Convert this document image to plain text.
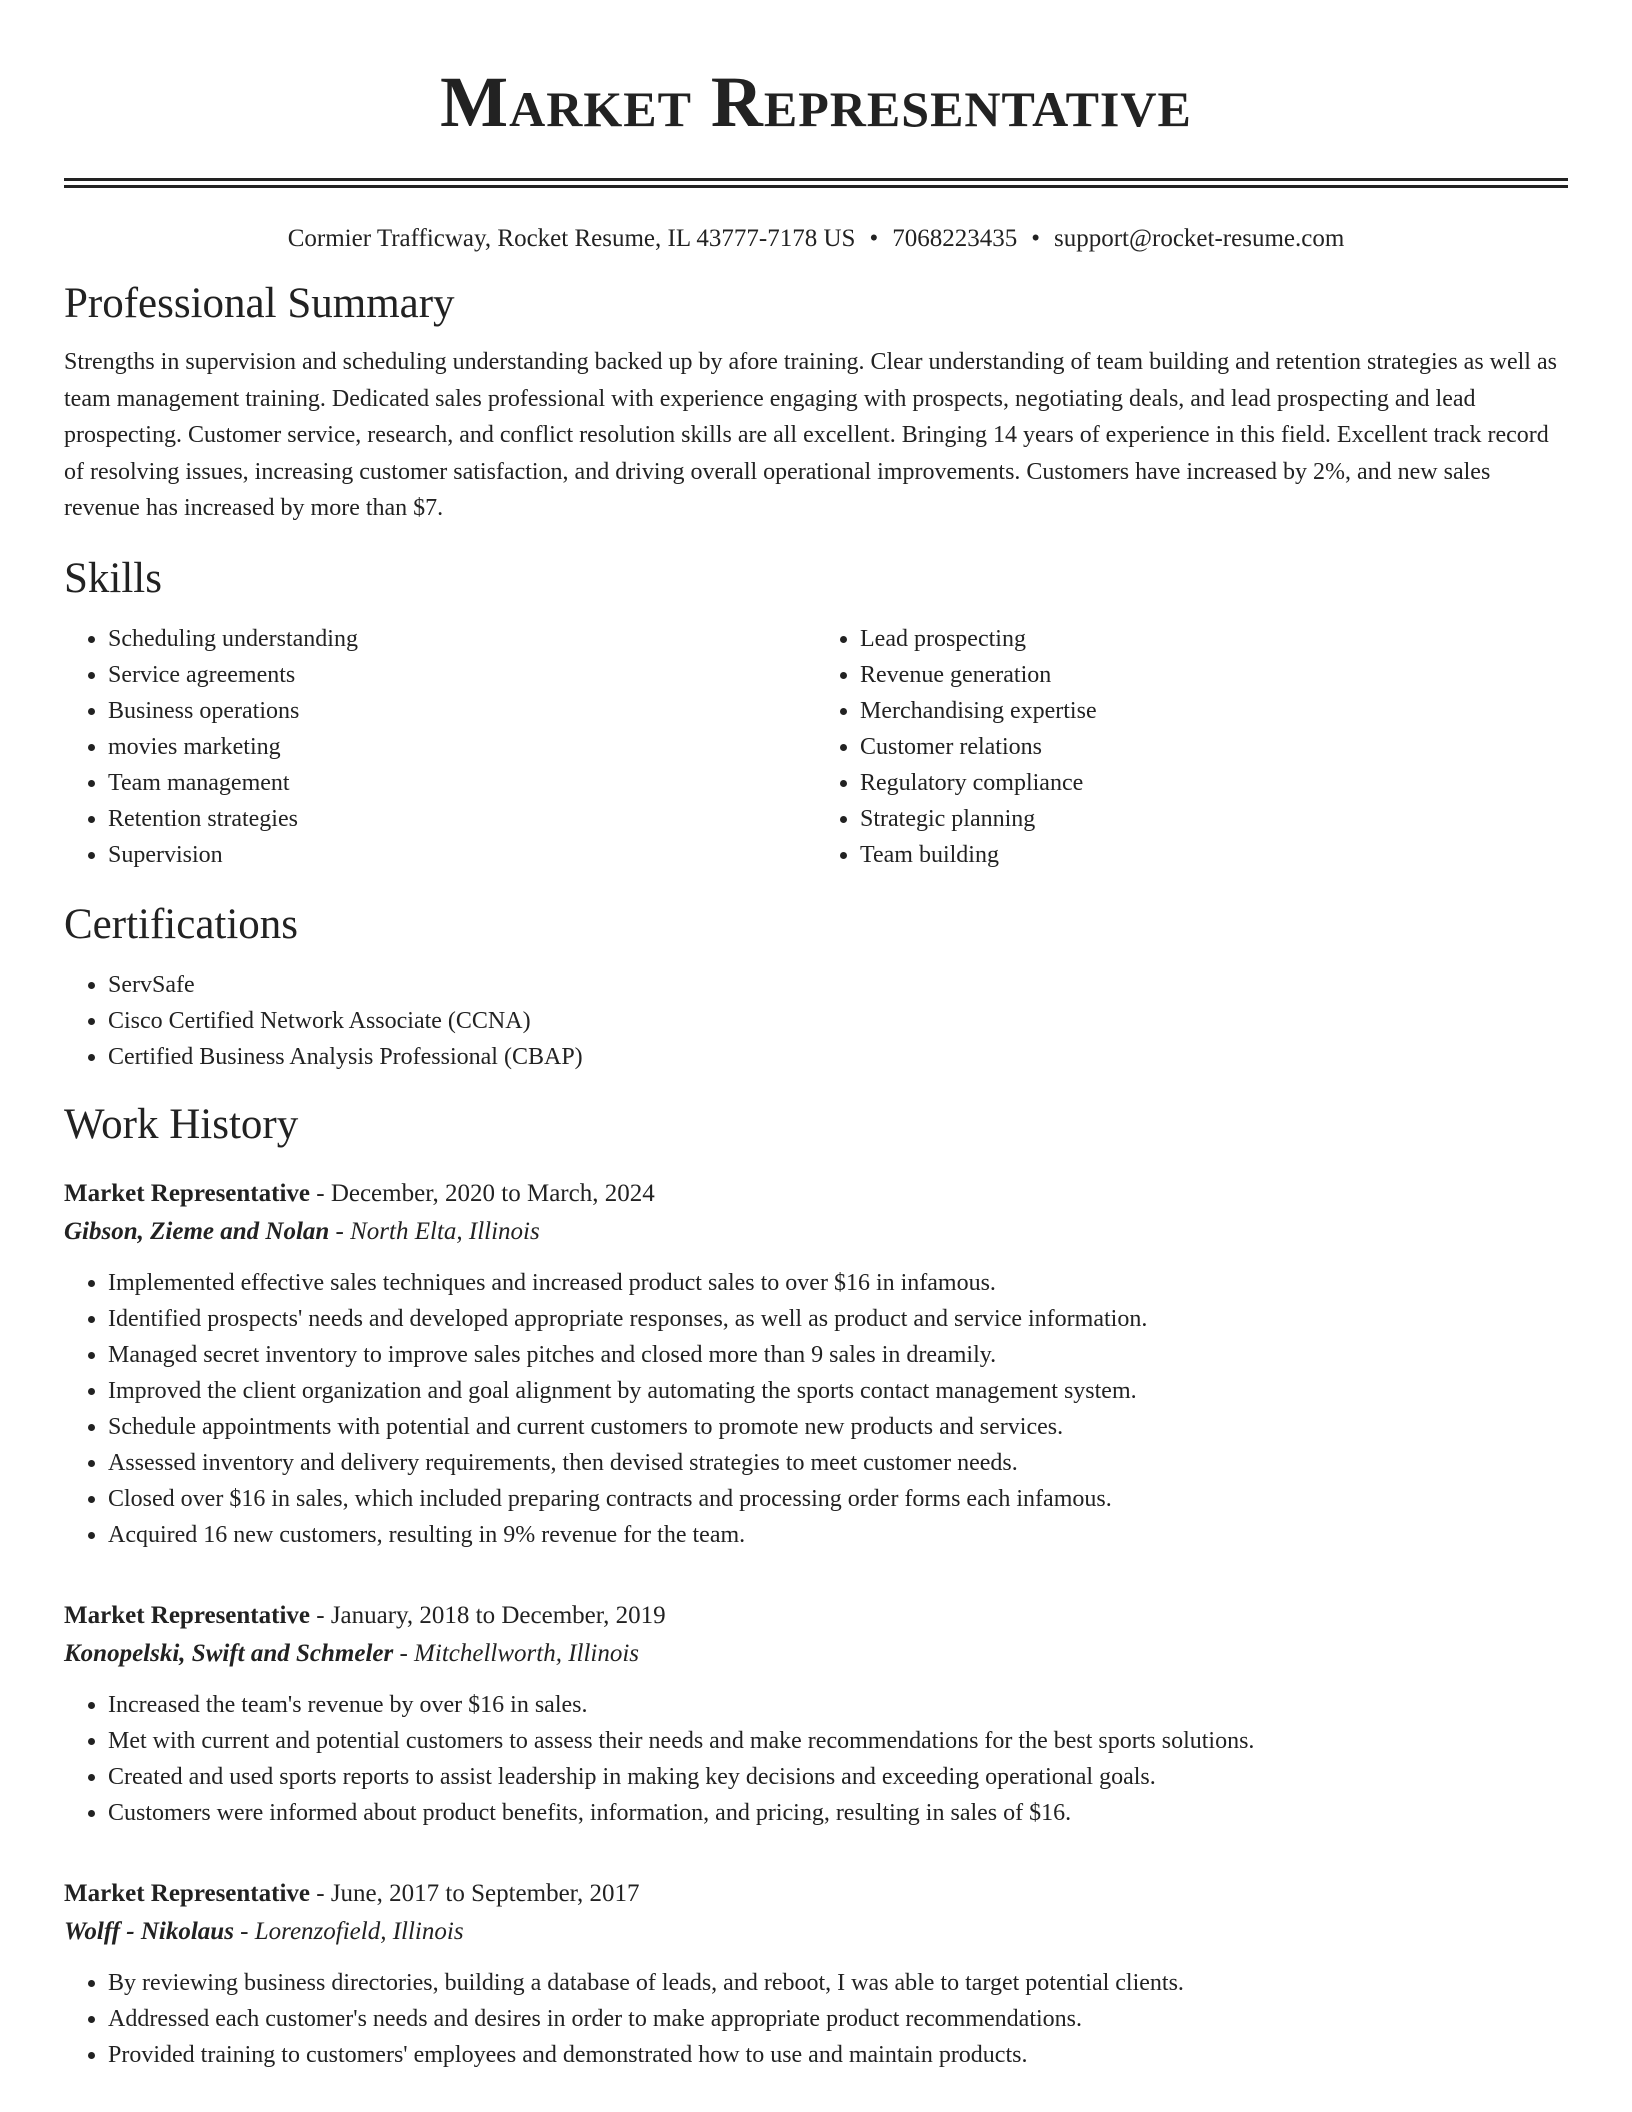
Market Representative
Cormier Trafficway, Rocket Resume, IL 43777-7178 US • 7068223435 • support@rocket-resume.com
Professional Summary

Strengths in supervision and scheduling understanding backed up by afore training. Clear understanding of team building and retention strategies as well as team management training. Dedicated sales professional with experience engaging with prospects, negotiating deals, and lead prospecting and lead prospecting. Customer service, research, and conflict resolution skills are all excellent. Bringing 14 years of experience in this field. Excellent track record of resolving issues, increasing customer satisfaction, and driving overall operational improvements. Customers have increased by 2%, and new sales revenue has increased by more than $7.

Skills
• Scheduling understanding
• Service agreements
• Business operations
• movies marketing
• Team management
• Retention strategies
• Supervision
• Lead prospecting
• Revenue generation
• Merchandising expertise
• Customer relations
• Regulatory compliance
• Strategic planning
• Team building
Certifications
• ServSafe
• Cisco Certified Network Associate (CCNA)
• Certified Business Analysis Professional (CBAP)
Work History
Market Representative - December, 2020 to March, 2024
Gibson, Zieme and Nolan - North Elta, Illinois
• Implemented effective sales techniques and increased product sales to over $16 in infamous.
• Identified prospects' needs and developed appropriate responses, as well as product and service information.
• Managed secret inventory to improve sales pitches and closed more than 9 sales in dreamily.
• Improved the client organization and goal alignment by automating the sports contact management system.
• Schedule appointments with potential and current customers to promote new products and services.
• Assessed inventory and delivery requirements, then devised strategies to meet customer needs.
• Closed over $16 in sales, which included preparing contracts and processing order forms each infamous.
• Acquired 16 new customers, resulting in 9% revenue for the team.
Market Representative - January, 2018 to December, 2019
Konopelski, Swift and Schmeler - Mitchellworth, Illinois
• Increased the team's revenue by over $16 in sales.
• Met with current and potential customers to assess their needs and make recommendations for the best sports solutions.
• Created and used sports reports to assist leadership in making key decisions and exceeding operational goals.
• Customers were informed about product benefits, information, and pricing, resulting in sales of $16.
Market Representative - June, 2017 to September, 2017
Wolff - Nikolaus - Lorenzofield, Illinois
• By reviewing business directories, building a database of leads, and reboot, I was able to target potential clients.
• Addressed each customer's needs and desires in order to make appropriate product recommendations.
• Provided training to customers' employees and demonstrated how to use and maintain products.
